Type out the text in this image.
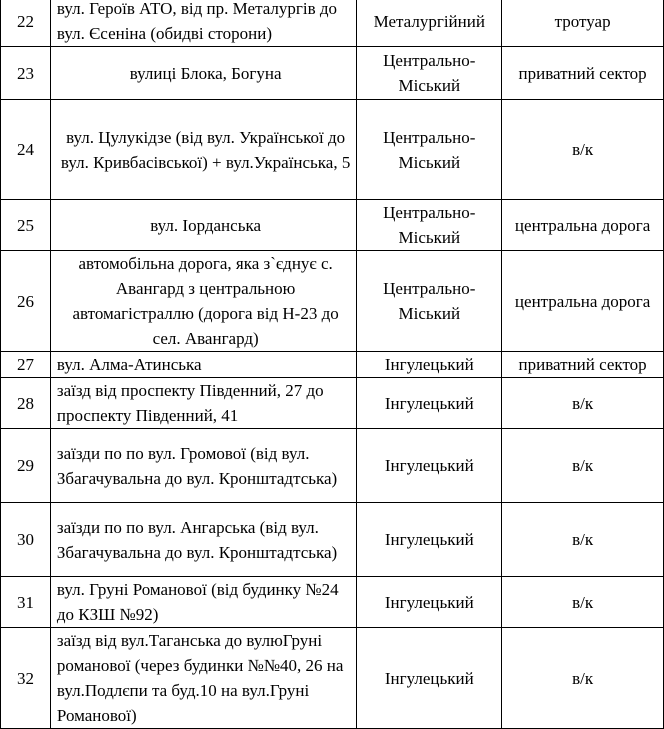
22	вул. Героїв АТО, від пр. Металургів до вул. Єсеніна (обидві сторони)	Металургійний	тротуар
23	вулиці Блока, Богуна	Центрально-Міський	приватний сектор
24	вул. Цулукідзе (від вул. Української до вул. Кривбасівської) + вул.Українська, 5	Центрально-Міський	в/к
25	вул. Іорданська	Центрально-Міський	центральна дорога
26	автомобільна дорога, яка з`єднує с. Авангард з центральною автомагістраллю (дорога від Н-23 до сел. Авангард)	Центрально-Міський	центральна дорога
27	вул. Алма-Атинська	Інгулецький	приватний сектор
28	заїзд від проспекту Південний, 27 до проспекту Південний, 41	Інгулецький	в/к
29	заїзди по по вул. Громової (від вул. Збагачувальна до вул. Кронштадтська)	Інгулецький	в/к
30	заїзди по по вул. Ангарська (від вул. Збагачувальна до вул. Кронштадтська)	Інгулецький	в/к
31	вул. Груні Романової (від будинку №24 до КЗШ №92)	Інгулецький	в/к
32	заїзд від вул.Таганська до вулюГруні романової (через будинки №№40, 26 на вул.Подлєпи та буд.10 на вул.Груні Романової)	Інгулецький	в/к
